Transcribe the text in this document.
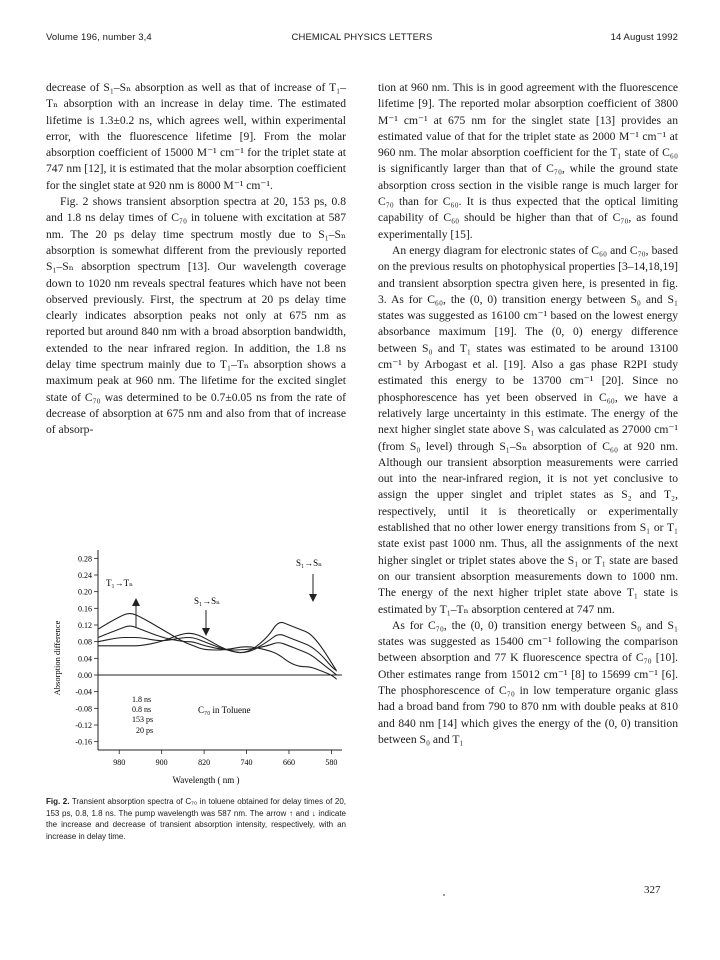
Volume 196, number 3,4	CHEMICAL PHYSICS LETTERS	14 August 1992

decrease of S₁–Sₙ absorption as well as that of increase of T₁–Tₙ absorption with an increase in delay time. The estimated lifetime is 1.3±0.2 ns, which agrees well, within experimental error, with the fluorescence lifetime [9]. From the molar absorption coefficient of 15000 M⁻¹ cm⁻¹ for the triplet state at 747 nm [12], it is estimated that the molar absorption coefficient for the singlet state at 920 nm is 8000 M⁻¹ cm⁻¹.

Fig. 2 shows transient absorption spectra at 20, 153 ps, 0.8 and 1.8 ns delay times of C₇₀ in toluene with excitation at 587 nm. The 20 ps delay time spectrum mostly due to S₁–Sₙ absorption is somewhat different from the previously reported S₁–Sₙ absorption spectrum [13]. Our wavelength coverage down to 1020 nm reveals spectral features which have not been observed previously. First, the spectrum at 20 ps delay time clearly indicates absorption peaks not only at 675 nm as reported but around 840 nm with a broad absorption bandwidth, extended to the near infrared region. In addition, the 1.8 ns delay time spectrum mainly due to T₁–Tₙ absorption shows a maximum peak at 960 nm. The lifetime for the excited singlet state of C₇₀ was determined to be 0.7±0.05 ns from the rate of decrease of absorption at 675 nm and also from that of increase of absorp-

tion at 960 nm. This is in good agreement with the fluorescence lifetime [9]. The reported molar absorption coefficient of 3800 M⁻¹ cm⁻¹ at 675 nm for the singlet state [13] provides an estimated value of that for the triplet state as 2000 M⁻¹ cm⁻¹ at 960 nm. The molar absorption coefficient for the T₁ state of C₆₀ is significantly larger than that of C₇₀, while the ground state absorption cross section in the visible range is much larger for C₇₀ than for C₆₀. It is thus expected that the optical limiting capability of C₆₀ should be higher than that of C₇₀, as found experimentally [15].

An energy diagram for electronic states of C₆₀ and C₇₀, based on the previous results on photophysical properties [3–14,18,19] and transient absorption spectra given here, is presented in fig. 3. As for C₆₀, the (0, 0) transition energy between S₀ and S₁ states was suggested as 16100 cm⁻¹ based on the lowest energy absorbance maximum [19]. The (0, 0) energy difference between S₀ and T₁ states was estimated to be around 13100 cm⁻¹ by Arbogast et al. [19]. Also a gas phase R2PI study estimated this energy to be 13700 cm⁻¹ [20]. Since no phosphorescence has yet been observed in C₆₀, we have a relatively large uncertainty in this estimate. The energy of the next higher singlet state above S₁ was calculated as 27000 cm⁻¹ (from S₀ level) through S₁–Sₙ absorption of C₆₀ at 920 nm. Although our transient absorption measurements were carried out into the near-infrared region, it is not yet conclusive to assign the upper singlet and triplet states as S₂ and T₂, respectively, until it is theoretically or experimentally established that no other lower energy transitions from S₁ or T₁ state exist past 1000 nm. Thus, all the assignments of the next higher singlet or triplet states above the S₁ or T₁ state are based on our transient absorption measurements down to 1000 nm. The energy of the next higher triplet state above T₁ state is estimated by T₁–Tₙ absorption centered at 747 nm.

As for C₇₀, the (0, 0) transition energy between S₀ and S₁ states was suggested as 15400 cm⁻¹ following the comparison between absorption and 77 K fluorescence spectra of C₇₀ [10]. Other estimates range from 15012 cm⁻¹ [8] to 15699 cm⁻¹ [6]. The phosphorescence of C₇₀ in low temperature organic glass had a broad band from 790 to 870 nm with double peaks at 810 and 840 nm [14] which gives the energy of the (0, 0) transition between S₀ and T₁

0.28
0.24
0.20
0.16
0.12
0.08
0.04
0.00
-0.04
-0.08
-0.12
-0.16
980	900	820	740	660	580
Absorption difference
Wavelength ( nm )
T₁→Tₙ
S₁→Sₙ
S₁→Sₙ
C₇₀ in Toluene
1.8 ns
0.8 ns
153 ps
20 ps
Fig. 2. Transient absorption spectra of C₇₀ in toluene obtained for delay times of 20, 153 ps, 0.8, 1.8 ns. The pump wavelength was 587 nm. The arrow ↑ and ↓ indicate the increase and decrease of transient absorption intensity, respectively, with an increase in delay time.
327
